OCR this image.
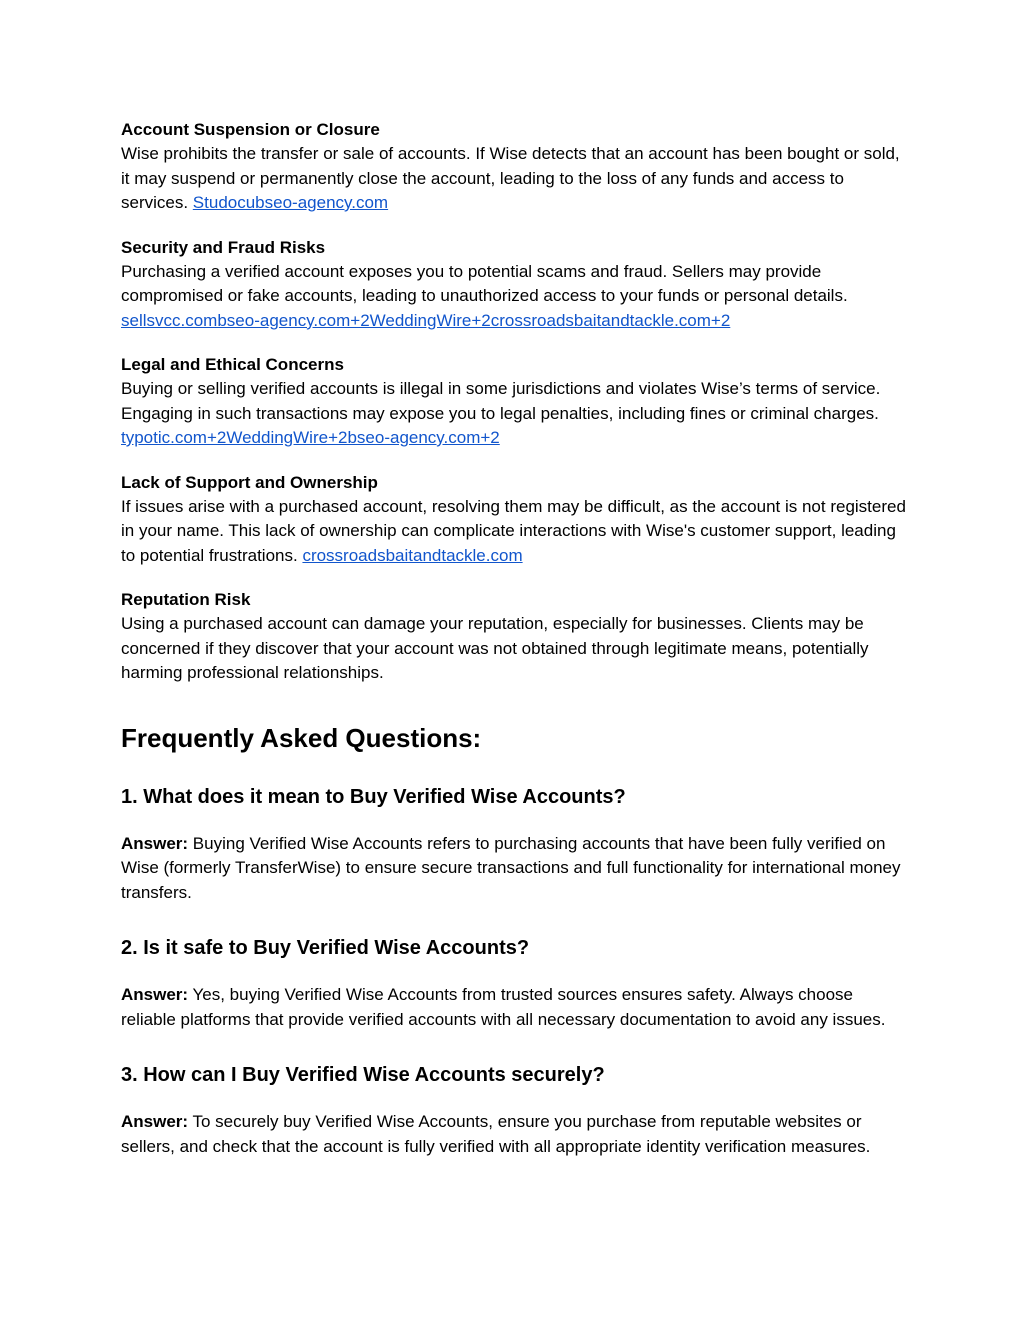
Account Suspension or Closure
Wise prohibits the transfer or sale of accounts. If Wise detects that an account has been bought or sold, it may suspend or permanently close the account, leading to the loss of any funds and access to services. Studocubseo-agency.com
Security and Fraud Risks
Purchasing a verified account exposes you to potential scams and fraud. Sellers may provide compromised or fake accounts, leading to unauthorized access to your funds or personal details. sellsvcc.combseo-agency.com+2WeddingWire+2crossroadsbaitandtackle.com+2
Legal and Ethical Concerns
Buying or selling verified accounts is illegal in some jurisdictions and violates Wise’s terms of service. Engaging in such transactions may expose you to legal penalties, including fines or criminal charges. typotic.com+2WeddingWire+2bseo-agency.com+2
Lack of Support and Ownership
If issues arise with a purchased account, resolving them may be difficult, as the account is not registered in your name. This lack of ownership can complicate interactions with Wise's customer support, leading to potential frustrations. crossroadsbaitandtackle.com
Reputation Risk
Using a purchased account can damage your reputation, especially for businesses. Clients may be concerned if they discover that your account was not obtained through legitimate means, potentially harming professional relationships.
Frequently Asked Questions:
1. What does it mean to Buy Verified Wise Accounts?
Answer: Buying Verified Wise Accounts refers to purchasing accounts that have been fully verified on Wise (formerly TransferWise) to ensure secure transactions and full functionality for international money transfers.
2. Is it safe to Buy Verified Wise Accounts?
Answer: Yes, buying Verified Wise Accounts from trusted sources ensures safety. Always choose reliable platforms that provide verified accounts with all necessary documentation to avoid any issues.
3. How can I Buy Verified Wise Accounts securely?
Answer: To securely buy Verified Wise Accounts, ensure you purchase from reputable websites or sellers, and check that the account is fully verified with all appropriate identity verification measures.
